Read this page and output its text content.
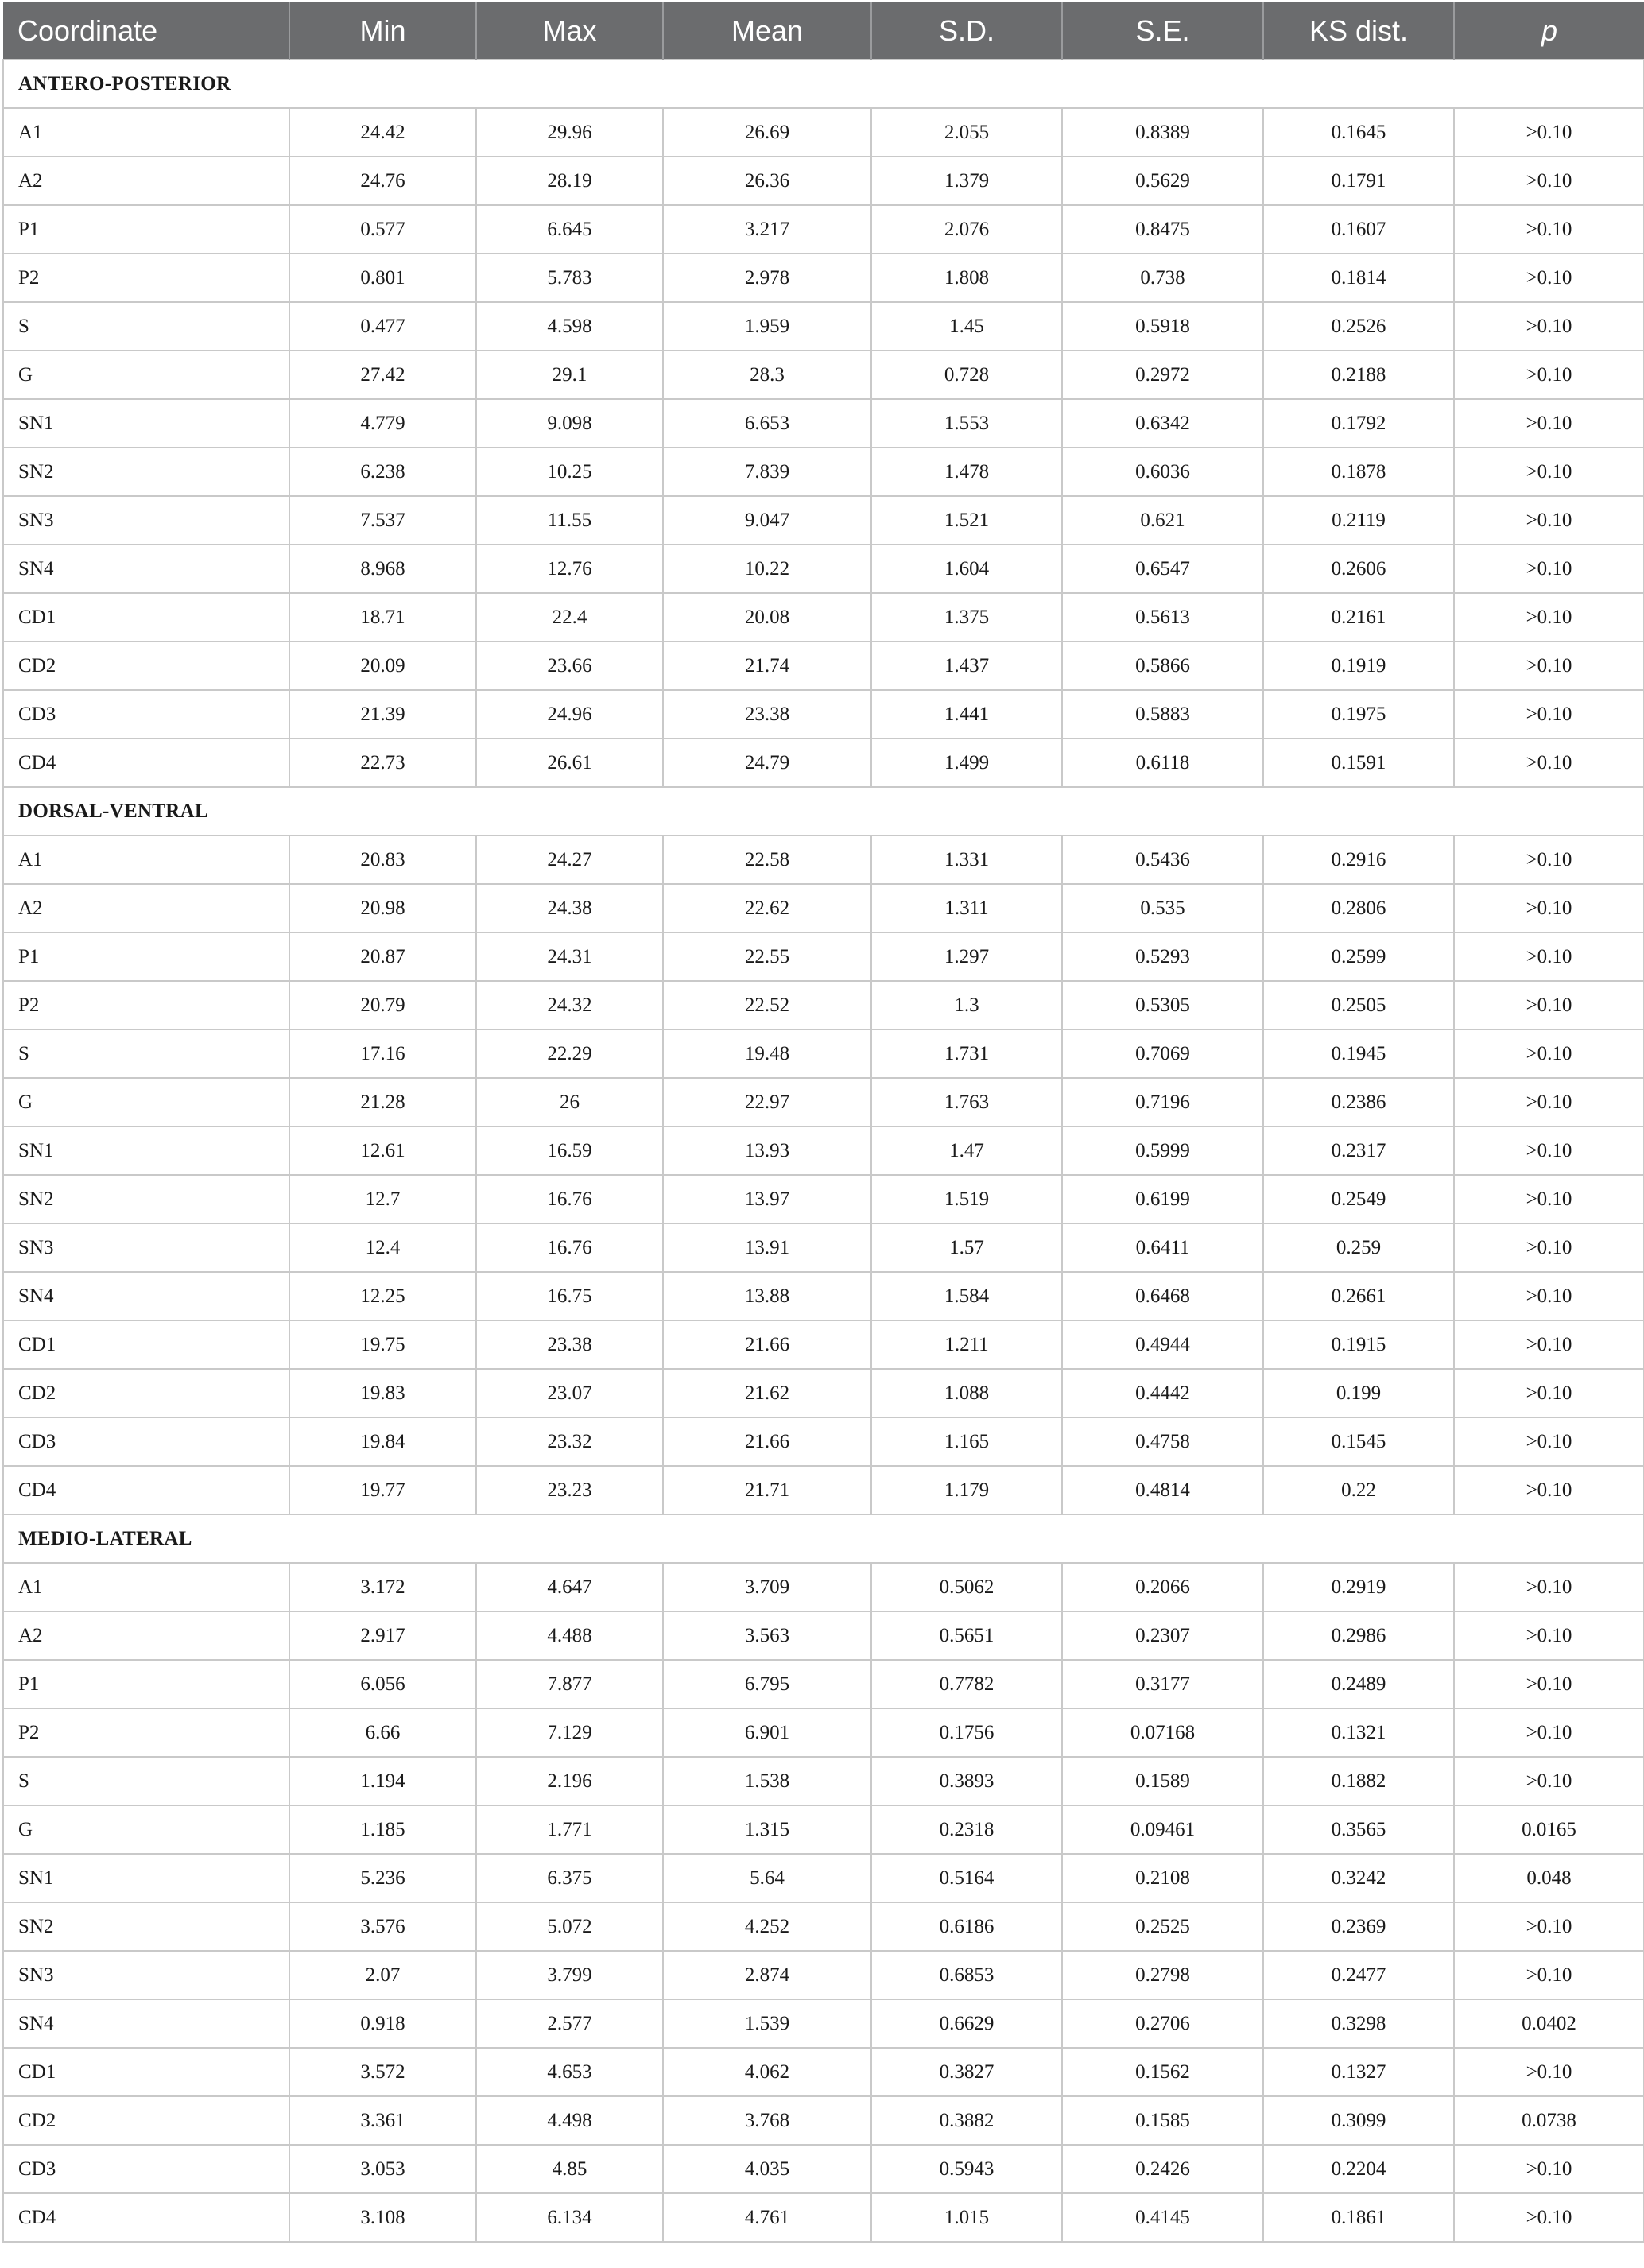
Coordinate	Min	Max	Mean	S.D.	S.E.	KS dist.	p
ANTERO-POSTERIOR							
A1	24.42	29.96	26.69	2.055	0.8389	0.1645	>0.10
A2	24.76	28.19	26.36	1.379	0.5629	0.1791	>0.10
P1	0.577	6.645	3.217	2.076	0.8475	0.1607	>0.10
P2	0.801	5.783	2.978	1.808	0.738	0.1814	>0.10
S	0.477	4.598	1.959	1.45	0.5918	0.2526	>0.10
G	27.42	29.1	28.3	0.728	0.2972	0.2188	>0.10
SN1	4.779	9.098	6.653	1.553	0.6342	0.1792	>0.10
SN2	6.238	10.25	7.839	1.478	0.6036	0.1878	>0.10
SN3	7.537	11.55	9.047	1.521	0.621	0.2119	>0.10
SN4	8.968	12.76	10.22	1.604	0.6547	0.2606	>0.10
CD1	18.71	22.4	20.08	1.375	0.5613	0.2161	>0.10
CD2	20.09	23.66	21.74	1.437	0.5866	0.1919	>0.10
CD3	21.39	24.96	23.38	1.441	0.5883	0.1975	>0.10
CD4	22.73	26.61	24.79	1.499	0.6118	0.1591	>0.10
DORSAL-VENTRAL							
A1	20.83	24.27	22.58	1.331	0.5436	0.2916	>0.10
A2	20.98	24.38	22.62	1.311	0.535	0.2806	>0.10
P1	20.87	24.31	22.55	1.297	0.5293	0.2599	>0.10
P2	20.79	24.32	22.52	1.3	0.5305	0.2505	>0.10
S	17.16	22.29	19.48	1.731	0.7069	0.1945	>0.10
G	21.28	26	22.97	1.763	0.7196	0.2386	>0.10
SN1	12.61	16.59	13.93	1.47	0.5999	0.2317	>0.10
SN2	12.7	16.76	13.97	1.519	0.6199	0.2549	>0.10
SN3	12.4	16.76	13.91	1.57	0.6411	0.259	>0.10
SN4	12.25	16.75	13.88	1.584	0.6468	0.2661	>0.10
CD1	19.75	23.38	21.66	1.211	0.4944	0.1915	>0.10
CD2	19.83	23.07	21.62	1.088	0.4442	0.199	>0.10
CD3	19.84	23.32	21.66	1.165	0.4758	0.1545	>0.10
CD4	19.77	23.23	21.71	1.179	0.4814	0.22	>0.10
MEDIO-LATERAL							
A1	3.172	4.647	3.709	0.5062	0.2066	0.2919	>0.10
A2	2.917	4.488	3.563	0.5651	0.2307	0.2986	>0.10
P1	6.056	7.877	6.795	0.7782	0.3177	0.2489	>0.10
P2	6.66	7.129	6.901	0.1756	0.07168	0.1321	>0.10
S	1.194	2.196	1.538	0.3893	0.1589	0.1882	>0.10
G	1.185	1.771	1.315	0.2318	0.09461	0.3565	0.0165
SN1	5.236	6.375	5.64	0.5164	0.2108	0.3242	0.048
SN2	3.576	5.072	4.252	0.6186	0.2525	0.2369	>0.10
SN3	2.07	3.799	2.874	0.6853	0.2798	0.2477	>0.10
SN4	0.918	2.577	1.539	0.6629	0.2706	0.3298	0.0402
CD1	3.572	4.653	4.062	0.3827	0.1562	0.1327	>0.10
CD2	3.361	4.498	3.768	0.3882	0.1585	0.3099	0.0738
CD3	3.053	4.85	4.035	0.5943	0.2426	0.2204	>0.10
CD4	3.108	6.134	4.761	1.015	0.4145	0.1861	>0.10
